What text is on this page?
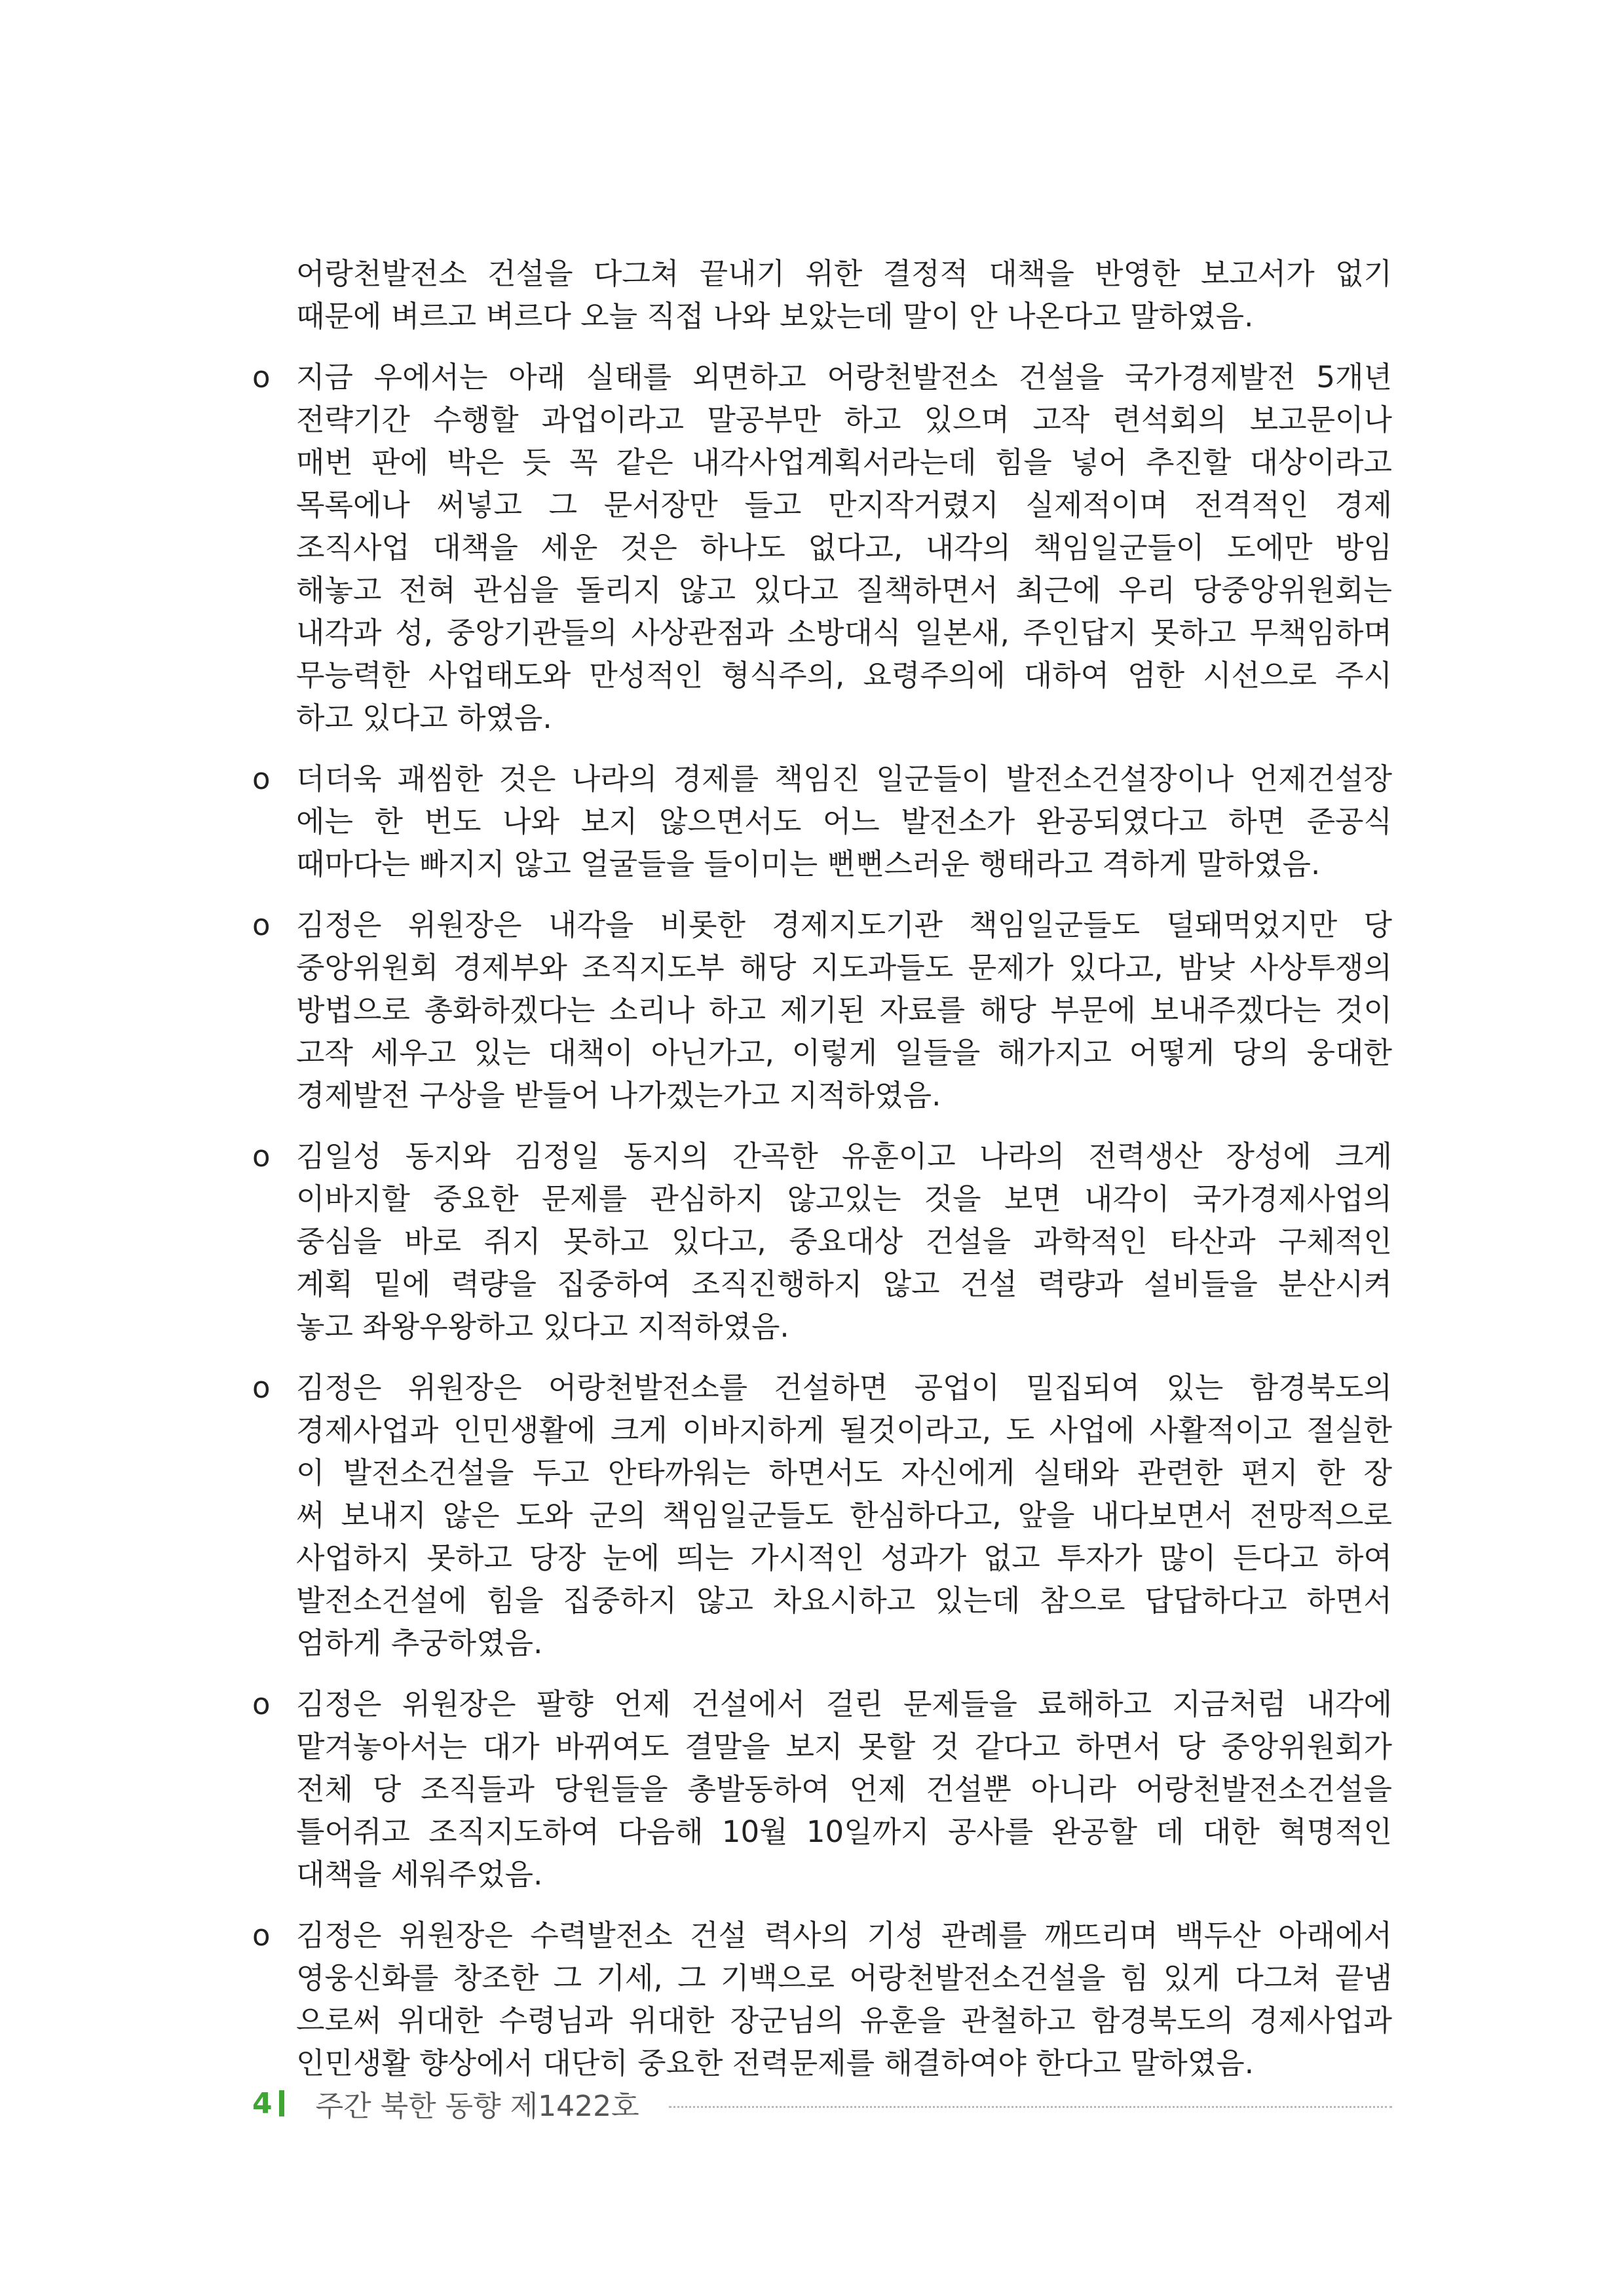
어랑천발전소 건설을 다그쳐 끝내기 위한 결정적 대책을 반영한 보고서가 없기
때문에 벼르고 벼르다 오늘 직접 나와 보았는데 말이 안 나온다고 말하였음.
o 지금 우에서는 아래 실태를 외면하고 어랑천발전소 건설을 국가경제발전 5개년
전략기간 수행할 과업이라고 말공부만 하고 있으며 고작 련석회의 보고문이나
매번 판에 박은 듯 꼭 같은 내각사업계획서라는데 힘을 넣어 추진할 대상이라고
목록에나 써넣고 그 문서장만 들고 만지작거렸지 실제적이며 전격적인 경제
조직사업 대책을 세운 것은 하나도 없다고, 내각의 책임일군들이 도에만 방임
해놓고 전혀 관심을 돌리지 않고 있다고 질책하면서 최근에 우리 당중앙위원회는
내각과 성, 중앙기관들의 사상관점과 소방대식 일본새, 주인답지 못하고 무책임하며
무능력한 사업태도와 만성적인 형식주의, 요령주의에 대하여 엄한 시선으로 주시
하고 있다고 하였음.
o 더더욱 괘씸한 것은 나라의 경제를 책임진 일군들이 발전소건설장이나 언제건설장
에는 한 번도 나와 보지 않으면서도 어느 발전소가 완공되였다고 하면 준공식
때마다는 빠지지 않고 얼굴들을 들이미는 뻔뻔스러운 행태라고 격하게 말하였음.
o 김정은 위원장은 내각을 비롯한 경제지도기관 책임일군들도 덜돼먹었지만 당
중앙위원회 경제부와 조직지도부 해당 지도과들도 문제가 있다고, 밤낮 사상투쟁의
방법으로 총화하겠다는 소리나 하고 제기된 자료를 해당 부문에 보내주겠다는 것이
고작 세우고 있는 대책이 아닌가고, 이렇게 일들을 해가지고 어떻게 당의 웅대한
경제발전 구상을 받들어 나가겠는가고 지적하였음.
o 김일성 동지와 김정일 동지의 간곡한 유훈이고 나라의 전력생산 장성에 크게
이바지할 중요한 문제를 관심하지 않고있는 것을 보면 내각이 국가경제사업의
중심을 바로 쥐지 못하고 있다고, 중요대상 건설을 과학적인 타산과 구체적인
계획 밑에 력량을 집중하여 조직진행하지 않고 건설 력량과 설비들을 분산시켜
놓고 좌왕우왕하고 있다고 지적하였음.
o 김정은 위원장은 어랑천발전소를 건설하면 공업이 밀집되여 있는 함경북도의
경제사업과 인민생활에 크게 이바지하게 될것이라고, 도 사업에 사활적이고 절실한
이 발전소건설을 두고 안타까워는 하면서도 자신에게 실태와 관련한 편지 한 장
써 보내지 않은 도와 군의 책임일군들도 한심하다고, 앞을 내다보면서 전망적으로
사업하지 못하고 당장 눈에 띄는 가시적인 성과가 없고 투자가 많이 든다고 하여
발전소건설에 힘을 집중하지 않고 차요시하고 있는데 참으로 답답하다고 하면서
엄하게 추궁하였음.
o 김정은 위원장은 팔향 언제 건설에서 걸린 문제들을 료해하고 지금처럼 내각에
맡겨놓아서는 대가 바뀌여도 결말을 보지 못할 것 같다고 하면서 당 중앙위원회가
전체 당 조직들과 당원들을 총발동하여 언제 건설뿐 아니라 어랑천발전소건설을
틀어쥐고 조직지도하여 다음해 10월 10일까지 공사를 완공할 데 대한 혁명적인
대책을 세워주었음.
o 김정은 위원장은 수력발전소 건설 력사의 기성 관례를 깨뜨리며 백두산 아래에서
영웅신화를 창조한 그 기세, 그 기백으로 어랑천발전소건설을 힘 있게 다그쳐 끝냄
으로써 위대한 수령님과 위대한 장군님의 유훈을 관철하고 함경북도의 경제사업과
인민생활 향상에서 대단히 중요한 전력문제를 해결하여야 한다고 말하였음.
4 주간 북한 동향 제1422호
